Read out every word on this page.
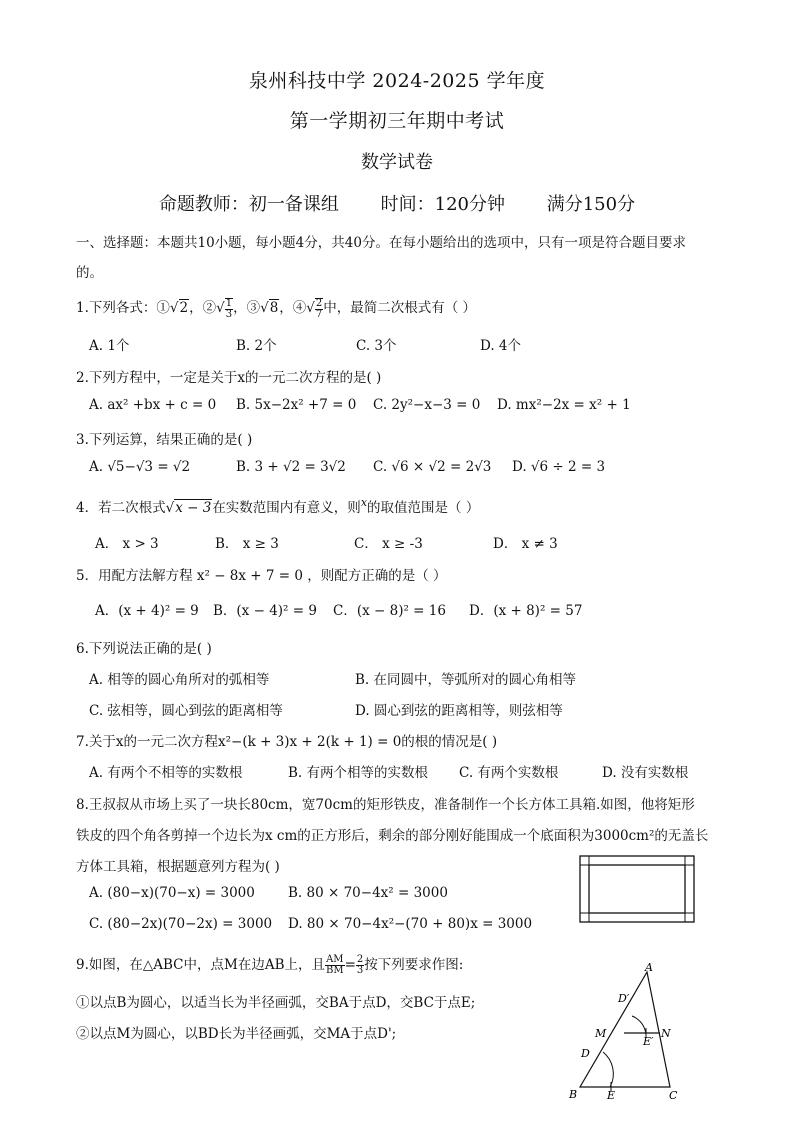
泉州科技中学 2024-2025 学年度
第一学期初三年期中考试
数学试卷
命题教师：初一备课组 时间：120分钟 满分150分
一、选择题：本题共10小题，每小题4分，共40分。在每小题给出的选项中，只有一项是符合题目要求
的。
1.下列各式：①√2，②√ $\frac{1}{3}$ ，③√8，④√ $\frac{2}{7}$ 中，最简二次根式有（ ）
A. 1个	B. 2个	C. 3个	D. 4个
2.下列方程中，一定是关于x的一元二次方程的是( )
A. ax² +bx + c = 0 B. 5x−2x² +7 = 0 C. 2y²−x−3 = 0 D. mx²−2x = x² + 1
3.下列运算，结果正确的是( )
A. √5−√3 = √2	B. 3 + √2 = 3√2 C. √6 × √2 = 2√3 D. √6 ÷ 2 = 3
4．若二次根式√x − 3在实数范围内有意义，则$^x$的取值范围是（ ）
A． x > 3	B． x ≥ 3	C． x ≥ -3	D． x ≠ 3
5．用配方法解方程 x² − 8x + 7 = 0 ，则配方正确的是（ ）
A．(x + 4)² = 9 B．(x − 4)² = 9 C．(x − 8)² = 16 D．(x + 8)² = 57
6.下列说法正确的是( )
A. 相等的圆心角所对的弧相等	B. 在同圆中，等弧所对的圆心角相等
C. 弦相等，圆心到弦的距离相等	D. 圆心到弦的距离相等，则弦相等
7.关于x的一元二次方程x²−(k + 3)x + 2(k + 1) = 0的根的情况是( )
A. 有两个不相等的实数根	B. 有两个相等的实数根 C. 有两个实数根	D. 没有实数根
8.王叔叔从市场上买了一块长80cm，宽70cm的矩形铁皮，准备制作一个长方体工具箱.如图，他将矩形
铁皮的四个角各剪掉一个边长为x cm的正方形后，剩余的部分刚好能围成一个底面积为3000cm²的无盖长
方体工具箱，根据题意列方程为( )
A. (80−x)(70−x) = 3000 B. 80 × 70−4x² = 3000
C. (80−2x)(70−2x) = 3000 D. 80 × 70−4x²−(70 + 80)x = 3000
9.如图，在△ABC中，点M在边AB上，且 $\frac{AM}{BM} = \frac{2}{3}$ 按下列要求作图:
①以点B为圆心，以适当长为半径画弧，交BA于点D，交BC于点E;
②以点M为圆心，以BD长为半径画弧，交MA于点D';
A
B	C
D
E
M	N
D′
E′
